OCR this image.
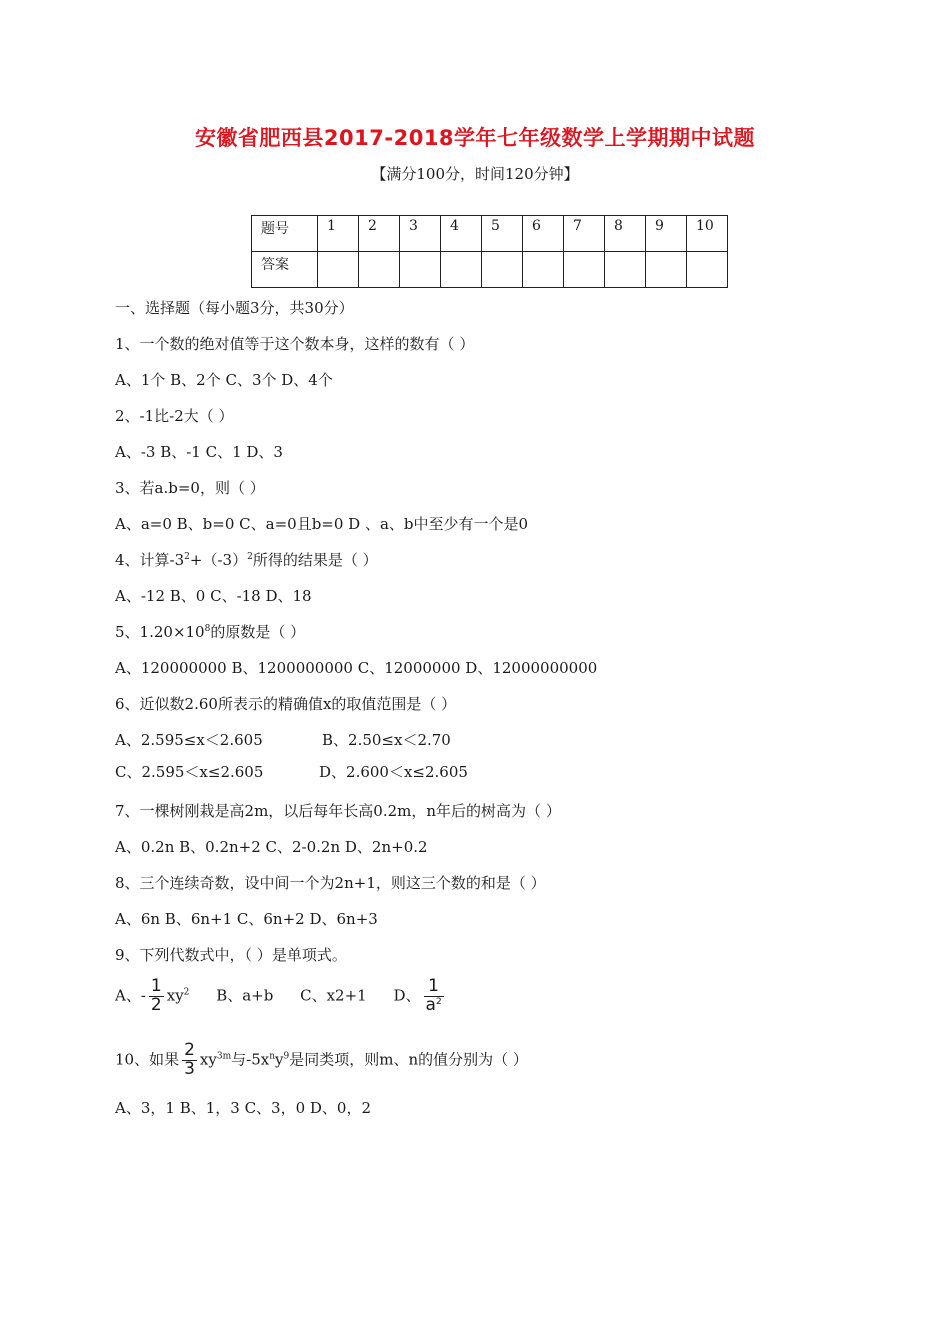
安徽省肥西县2017-2018学年七年级数学上学期期中试题
【满分100分，时间120分钟】
题号	1	2	3	4	5	6	7	8	9	10
答案										
一、选择题（每小题3分，共30分）
1、一个数的绝对值等于这个数本身，这样的数有（ ）
A、1个 B、2个 C、3个 D、4个
2、-1比-2大（ ）
A、-3 B、-1 C、1 D、3
3、若a.b=0，则（ ）
A、a=0 B、b=0 C、a=0且b=0 D 、a、b中至少有一个是0
4、计算$-3^2+(-3)^2$所得的结果是（ ）
A、-12 B、0 C、-18 D、18
5、$1.20\times 10^8$的原数是（ ）
A、120000000 B、1200000000 C、12000000 D、12000000000
6、近似数2.60所表示的精确值x的取值范围是（ ）
A、2.595≤x＜2.605	B、2.50≤x＜2.70
C、2.595＜x≤2.605	D、2.600＜x≤2.605
7、一棵树刚栽是高2m，以后每年长高0.2m，n年后的树高为（ ）
A、0.2n B、0.2n+2 C、2-0.2n D、2n+0.2
8、三个连续奇数，设中间一个为2n+1，则这三个数的和是（ ）
A、6n B、6n+1 C、6n+2 D、6n+3
9、下列代数式中，（ ）是单项式。
A、- $\frac{1}{2} xy^2$ B、a+b C、x2+1 D、 $\frac{1}{a^2}$
10、如果 $\frac{2}{3} xy^{3m}$与$-5x^ny^9$是同类项，则m、n的值分别为（ ）
A、3，1 B、1，3 C、3，0 D、0，2
